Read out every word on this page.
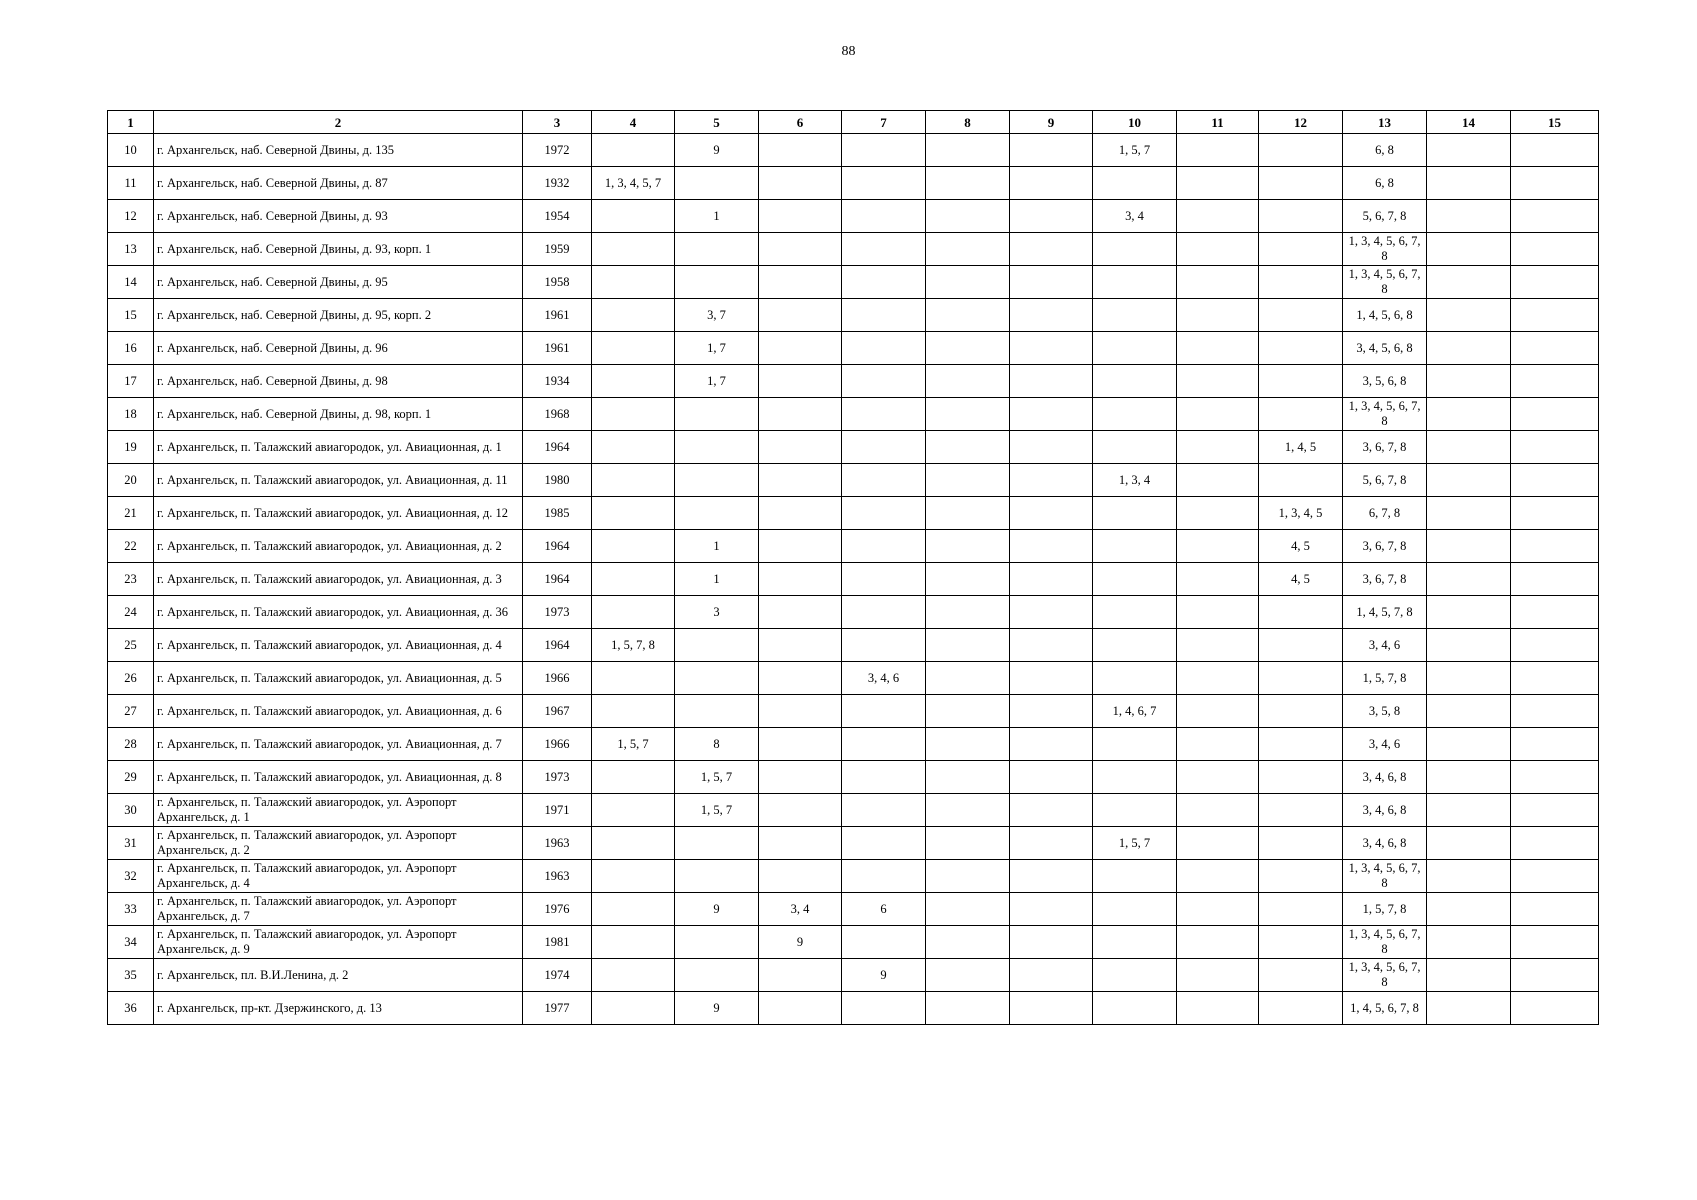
88
1	2	3	4	5	6	7	8	9	10	11	12	13	14	15
10	г. Архангельск, наб. Северной Двины, д. 135	1972		9					1, 5, 7			6, 8		
11	г. Архангельск, наб. Северной Двины, д. 87	1932	1, 3, 4, 5, 7									6, 8		
12	г. Архангельск, наб. Северной Двины, д. 93	1954		1					3, 4			5, 6, 7, 8		
13	г. Архангельск, наб. Северной Двины, д. 93, корп. 1	1959										1, 3, 4, 5, 6, 7, 8		
14	г. Архангельск, наб. Северной Двины, д. 95	1958										1, 3, 4, 5, 6, 7, 8		
15	г. Архангельск, наб. Северной Двины, д. 95, корп. 2	1961		3, 7								1, 4, 5, 6, 8		
16	г. Архангельск, наб. Северной Двины, д. 96	1961		1, 7								3, 4, 5, 6, 8		
17	г. Архангельск, наб. Северной Двины, д. 98	1934		1, 7								3, 5, 6, 8		
18	г. Архангельск, наб. Северной Двины, д. 98, корп. 1	1968										1, 3, 4, 5, 6, 7, 8		
19	г. Архангельск, п. Талажский авиагородок, ул. Авиационная, д. 1	1964									1, 4, 5	3, 6, 7, 8		
20	г. Архангельск, п. Талажский авиагородок, ул. Авиационная, д. 11	1980							1, 3, 4			5, 6, 7, 8		
21	г. Архангельск, п. Талажский авиагородок, ул. Авиационная, д. 12	1985									1, 3, 4, 5	6, 7, 8		
22	г. Архангельск, п. Талажский авиагородок, ул. Авиационная, д. 2	1964		1							4, 5	3, 6, 7, 8		
23	г. Архангельск, п. Талажский авиагородок, ул. Авиационная, д. 3	1964		1							4, 5	3, 6, 7, 8		
24	г. Архангельск, п. Талажский авиагородок, ул. Авиационная, д. 36	1973		3								1, 4, 5, 7, 8		
25	г. Архангельск, п. Талажский авиагородок, ул. Авиационная, д. 4	1964	1, 5, 7, 8									3, 4, 6		
26	г. Архангельск, п. Талажский авиагородок, ул. Авиационная, д. 5	1966				3, 4, 6						1, 5, 7, 8		
27	г. Архангельск, п. Талажский авиагородок, ул. Авиационная, д. 6	1967							1, 4, 6, 7			3, 5, 8		
28	г. Архангельск, п. Талажский авиагородок, ул. Авиационная, д. 7	1966	1, 5, 7	8								3, 4, 6		
29	г. Архангельск, п. Талажский авиагородок, ул. Авиационная, д. 8	1973		1, 5, 7								3, 4, 6, 8		
30	г. Архангельск, п. Талажский авиагородок, ул. Аэропорт Архангельск, д. 1	1971		1, 5, 7								3, 4, 6, 8		
31	г. Архангельск, п. Талажский авиагородок, ул. Аэропорт Архангельск, д. 2	1963							1, 5, 7			3, 4, 6, 8		
32	г. Архангельск, п. Талажский авиагородок, ул. Аэропорт Архангельск, д. 4	1963										1, 3, 4, 5, 6, 7, 8		
33	г. Архангельск, п. Талажский авиагородок, ул. Аэропорт Архангельск, д. 7	1976		9	3, 4	6						1, 5, 7, 8		
34	г. Архангельск, п. Талажский авиагородок, ул. Аэропорт Архангельск, д. 9	1981			9							1, 3, 4, 5, 6, 7, 8		
35	г. Архангельск, пл. В.И.Ленина, д. 2	1974				9						1, 3, 4, 5, 6, 7, 8		
36	г. Архангельск, пр-кт. Дзержинского, д. 13	1977		9								1, 4, 5, 6, 7, 8		
